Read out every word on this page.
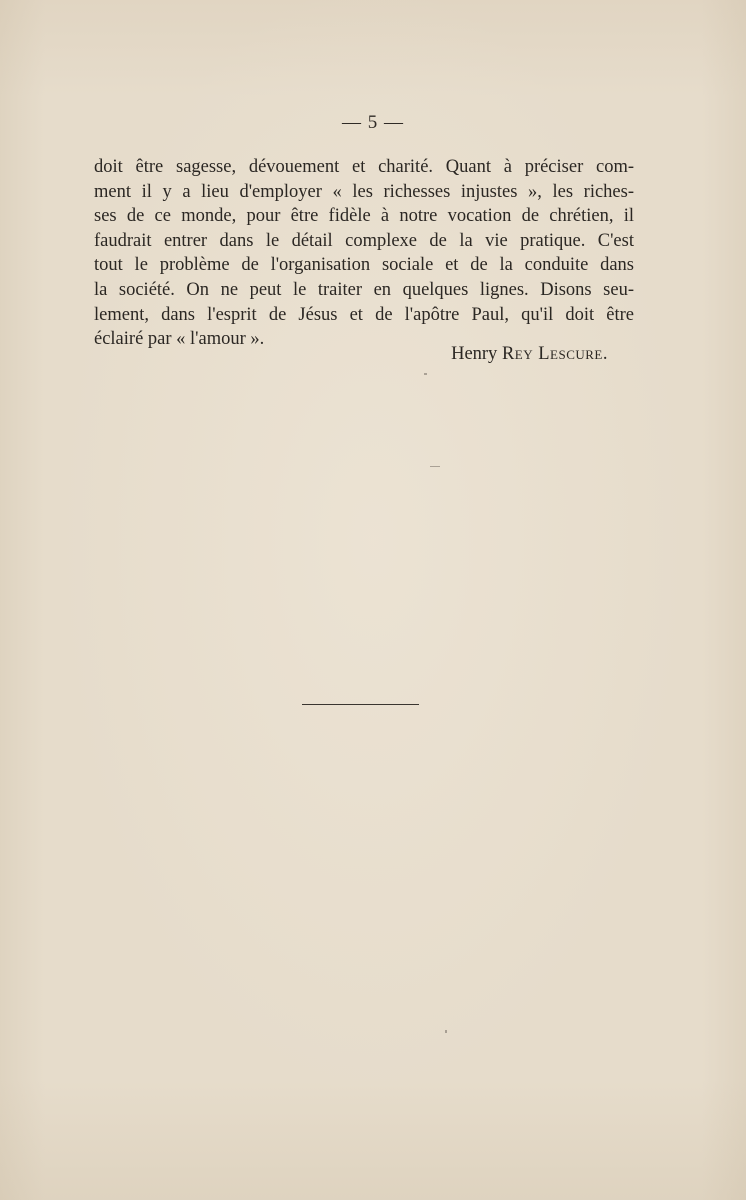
— 5 —
doit être sagesse, dévouement et charité. Quant à préciser com-
ment il y a lieu d'employer « les richesses injustes », les riches-
ses de ce monde, pour être fidèle à notre vocation de chrétien, il
faudrait entrer dans le détail complexe de la vie pratique. C'est
tout le problème de l'organisation sociale et de la conduite dans
la société. On ne peut le traiter en quelques lignes. Disons seu-
lement, dans l'esprit de Jésus et de l'apôtre Paul, qu'il doit être
éclairé par « l'amour ».
Henry Rey Lescure.
